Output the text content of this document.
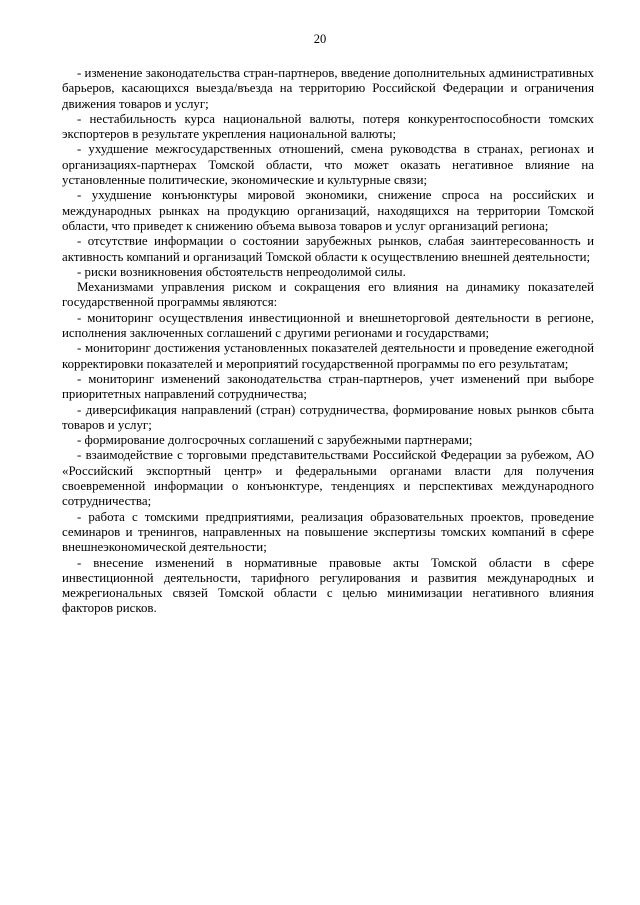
20

- изменение законодательства стран-партнеров, введение дополнительных административных барьеров, касающихся выезда/въезда на территорию Российской Федерации и ограничения движения товаров и услуг;

- нестабильность курса национальной валюты, потеря конкурентоспособности томских экспортеров в результате укрепления национальной валюты;

- ухудшение межгосударственных отношений, смена руководства в странах, регионах и организациях-партнерах Томской области, что может оказать негативное влияние на установленные политические, экономические и культурные связи;

- ухудшение конъюнктуры мировой экономики, снижение спроса на российских и международных рынках на продукцию организаций, находящихся на территории Томской области, что приведет к снижению объема вывоза товаров и услуг организаций региона;

- отсутствие информации о состоянии зарубежных рынков, слабая заинтересованность и активность компаний и организаций Томской области к осуществлению внешней деятельности;

- риски возникновения обстоятельств непреодолимой силы.

Механизмами управления риском и сокращения его влияния на динамику показателей государственной программы являются:

- мониторинг осуществления инвестиционной и внешнеторговой деятельности в регионе, исполнения заключенных соглашений с другими регионами и государствами;

- мониторинг достижения установленных показателей деятельности и проведение ежегодной корректировки показателей и мероприятий государственной программы по его результатам;

- мониторинг изменений законодательства стран-партнеров, учет изменений при выборе приоритетных направлений сотрудничества;

- диверсификация направлений (стран) сотрудничества, формирование новых рынков сбыта товаров и услуг;

- формирование долгосрочных соглашений с зарубежными партнерами;

- взаимодействие с торговыми представительствами Российской Федерации за рубежом, АО «Российский экспортный центр» и федеральными органами власти для получения своевременной информации о конъюнктуре, тенденциях и перспективах международного сотрудничества;

- работа с томскими предприятиями, реализация образовательных проектов, проведение семинаров и тренингов, направленных на повышение экспертизы томских компаний в сфере внешнеэкономической деятельности;

- внесение изменений в нормативные правовые акты Томской области в сфере инвестиционной деятельности, тарифного регулирования и развития международных и межрегиональных связей Томской области с целью минимизации негативного влияния факторов рисков.
